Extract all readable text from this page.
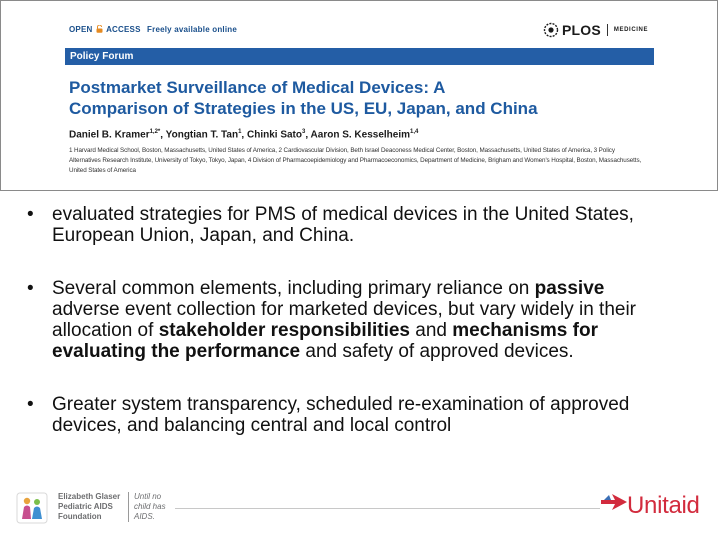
OPEN ACCESS Freely available online	PLOS MEDICINE
Policy Forum
Postmarket Surveillance of Medical Devices: A
Comparison of Strategies in the US, EU, Japan, and China
Daniel B. Kramer$^{1,2*}$, Yongtian T. Tan$^1$, Chinki Sato$^3$, Aaron S. Kesselheim$^{1,4}$
1 Harvard Medical School, Boston, Massachusetts, United States of America, 2 Cardiovascular Division, Beth Israel Deaconess Medical Center, Boston, Massachusetts, United States of America, 3 Policy Alternatives Research Institute, University of Tokyo, Tokyo, Japan, 4 Division of Pharmacoepidemiology and Pharmacoeconomics, Department of Medicine, Brigham and Women's Hospital, Boston, Massachusetts, United States of America
• evaluated strategies for PMS of medical devices in the United States,
European Union, Japan, and China.
• Several common elements, including primary reliance on passive
adverse event collection for marketed devices, but vary widely in their
allocation of stakeholder responsibilities and mechanisms for
evaluating the performance and safety of approved devices.
• Greater system transparency, scheduled re-examination of approved
devices, and balancing central and local control
Elizabeth Glaser
Pediatric AIDS
Foundation
Until no
child has
AIDS.	Unitaid
